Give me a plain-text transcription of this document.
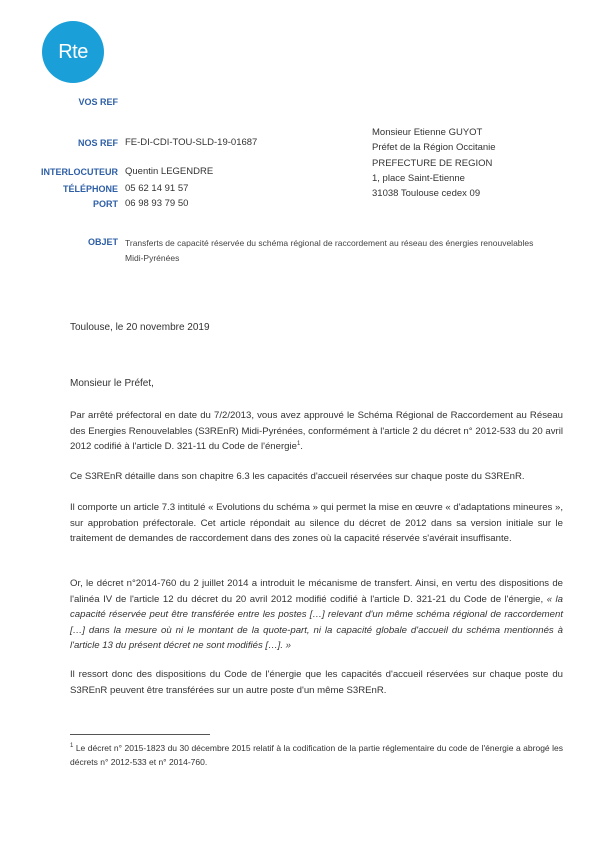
Rte
VOS REF
NOS REF FE-DI-CDI-TOU-SLD-19-01687
INTERLOCUTEUR Quentin LEGENDRE
TÉLÉPHONE 05 62 14 91 57
PORT 06 98 93 79 50
Monsieur Etienne GUYOT
Préfet de la Région Occitanie
PREFECTURE DE REGION
1, place Saint-Etienne
31038 Toulouse cedex 09
OBJET Transferts de capacité réservée du schéma régional de raccordement au réseau des énergies renouvelables Midi-Pyrénées
Toulouse, le 20 novembre 2019
Monsieur le Préfet,
Par arrêté préfectoral en date du 7/2/2013, vous avez approuvé le Schéma Régional de Raccordement au Réseau des Energies Renouvelables (S3REnR) Midi-Pyrénées, conformément à l'article 2 du décret n° 2012-533 du 20 avril 2012 codifié à l'article D. 321-11 du Code de l'énergie$^1$.
Ce S3REnR détaille dans son chapitre 6.3 les capacités d'accueil réservées sur chaque poste du S3REnR.
Il comporte un article 7.3 intitulé « Evolutions du schéma » qui permet la mise en œuvre « d'adaptations mineures », sur approbation préfectorale. Cet article répondait au silence du décret de 2012 dans sa version initiale sur le traitement de demandes de raccordement dans des zones où la capacité réservée s'avérait insuffisante.
Or, le décret n°2014-760 du 2 juillet 2014 a introduit le mécanisme de transfert. Ainsi, en vertu des dispositions de l'alinéa IV de l'article 12 du décret du 20 avril 2012 modifié codifié à l'article D. 321-21 du Code de l'énergie, « la capacité réservée peut être transférée entre les postes […] relevant d'un même schéma régional de raccordement […] dans la mesure où ni le montant de la quote-part, ni la capacité globale d'accueil du schéma mentionnés à l'article 13 du présent décret ne sont modifiés […]. »
Il ressort donc des dispositions du Code de l'énergie que les capacités d'accueil réservées sur chaque poste du S3REnR peuvent être transférées sur un autre poste d'un même S3REnR.
$^1$ Le décret n° 2015-1823 du 30 décembre 2015 relatif à la codification de la partie réglementaire du code de l'énergie a abrogé les décrets n° 2012-533 et n° 2014-760.
